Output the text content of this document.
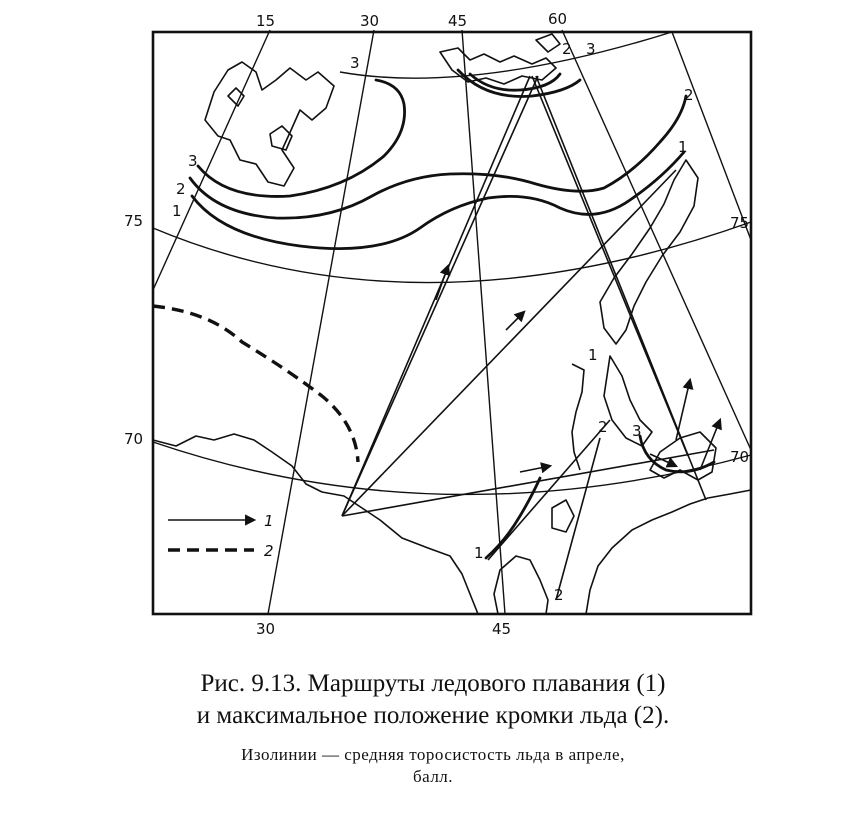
15	30	45	60
30	45
75	75
70
70
3
2
1
3
2 3
2
1
1
2 3
1
2
1
2
Рис. 9.13. Маршруты ледового плавания (1)
и максимальное положение кромки льда (2).
Изолинии — средняя торосистость льда в апреле,
балл.
